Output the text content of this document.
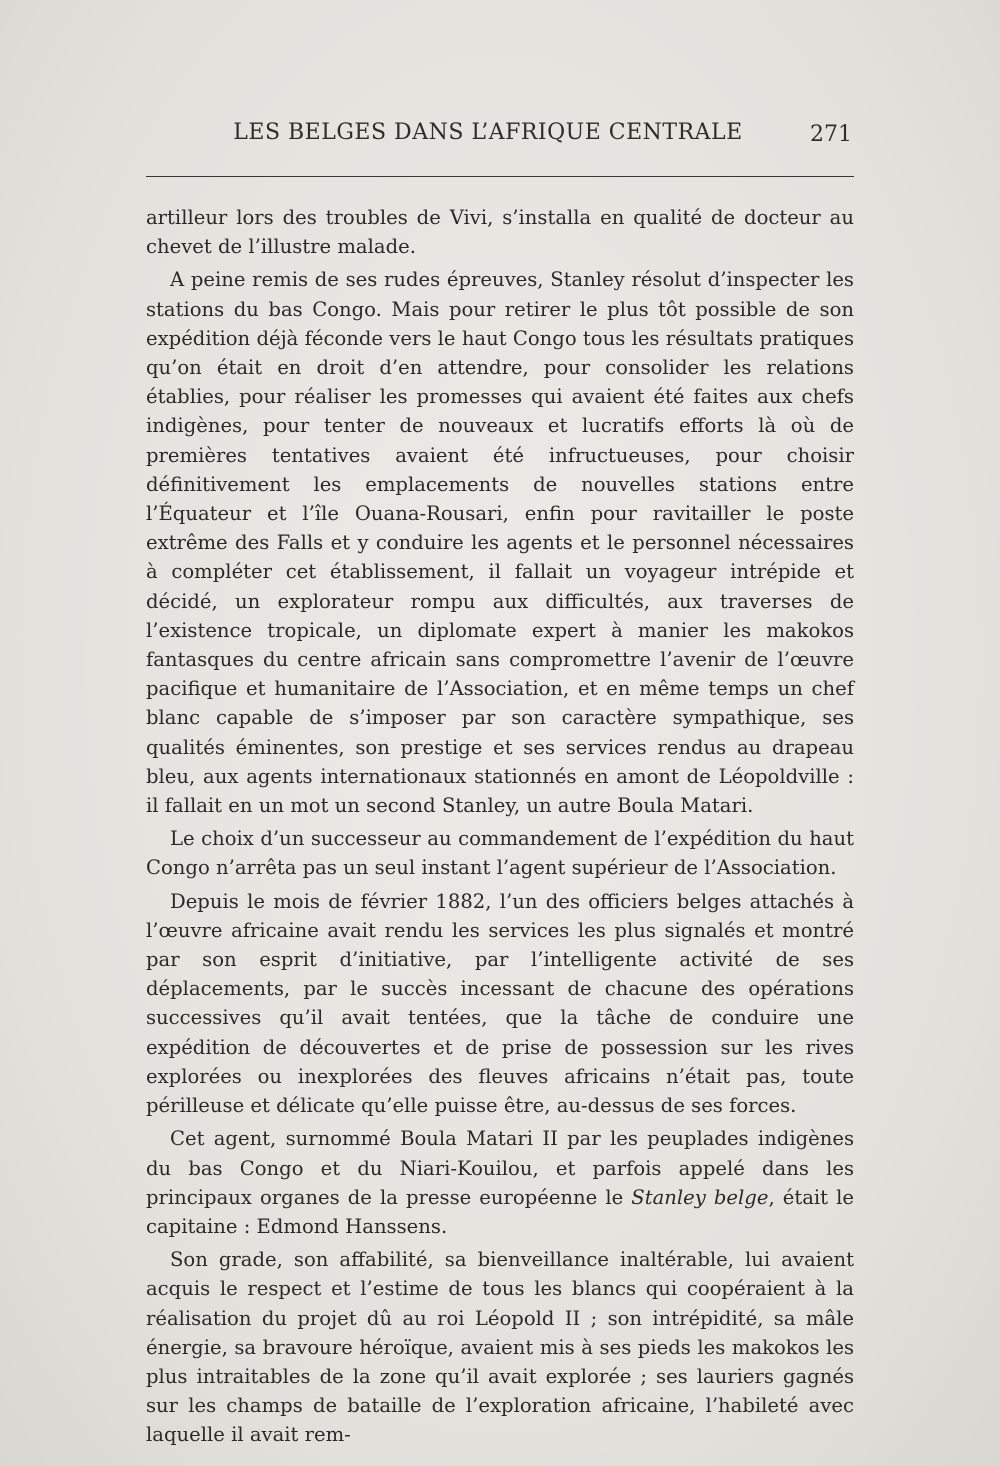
LES BELGES DANS L’AFRIQUE CENTRALE	271

artilleur lors des troubles de Vivi, s’installa en qualité de docteur au chevet de l’illustre malade.

A peine remis de ses rudes épreuves, Stanley résolut d’inspecter les stations du bas Congo. Mais pour retirer le plus tôt possible de son expédition déjà féconde vers le haut Congo tous les résultats pratiques qu’on était en droit d’en attendre, pour consolider les relations établies, pour réaliser les promesses qui avaient été faites aux chefs indigènes, pour tenter de nouveaux et lucratifs efforts là où de premières tentatives avaient été infructueuses, pour choisir définitivement les emplacements de nouvelles stations entre l’Équateur et l’île Ouana-Rousari, enfin pour ravitailler le poste extrême des Falls et y conduire les agents et le personnel nécessaires à compléter cet établissement, il fallait un voyageur intrépide et décidé, un explorateur rompu aux difficultés, aux traverses de l’existence tropicale, un diplomate expert à manier les makokos fantasques du centre africain sans compromettre l’avenir de l’œuvre pacifique et humanitaire de l’Association, et en même temps un chef blanc capable de s’imposer par son caractère sympathique, ses qualités éminentes, son prestige et ses services rendus au drapeau bleu, aux agents internationaux stationnés en amont de Léopoldville : il fallait en un mot un second Stanley, un autre Boula Matari.

Le choix d’un successeur au commandement de l’expédition du haut Congo n’arrêta pas un seul instant l’agent supérieur de l’Association.

Depuis le mois de février 1882, l’un des officiers belges attachés à l’œuvre africaine avait rendu les services les plus signalés et montré par son esprit d’initiative, par l’intelligente activité de ses déplacements, par le succès incessant de chacune des opérations successives qu’il avait tentées, que la tâche de conduire une expédition de découvertes et de prise de possession sur les rives explorées ou inexplorées des fleuves africains n’était pas, toute périlleuse et délicate qu’elle puisse être, au-dessus de ses forces.

Cet agent, surnommé Boula Matari II par les peuplades indigènes du bas Congo et du Niari-Kouilou, et parfois appelé dans les principaux organes de la presse européenne le Stanley belge, était le capitaine : Edmond Hanssens.

Son grade, son affabilité, sa bienveillance inaltérable, lui avaient acquis le respect et l’estime de tous les blancs qui coopéraient à la réalisation du projet dû au roi Léopold II ; son intrépidité, sa mâle énergie, sa bravoure héroïque, avaient mis à ses pieds les makokos les plus intraitables de la zone qu’il avait explorée ; ses lauriers gagnés sur les champs de bataille de l’exploration africaine, l’habileté avec laquelle il avait rem-
